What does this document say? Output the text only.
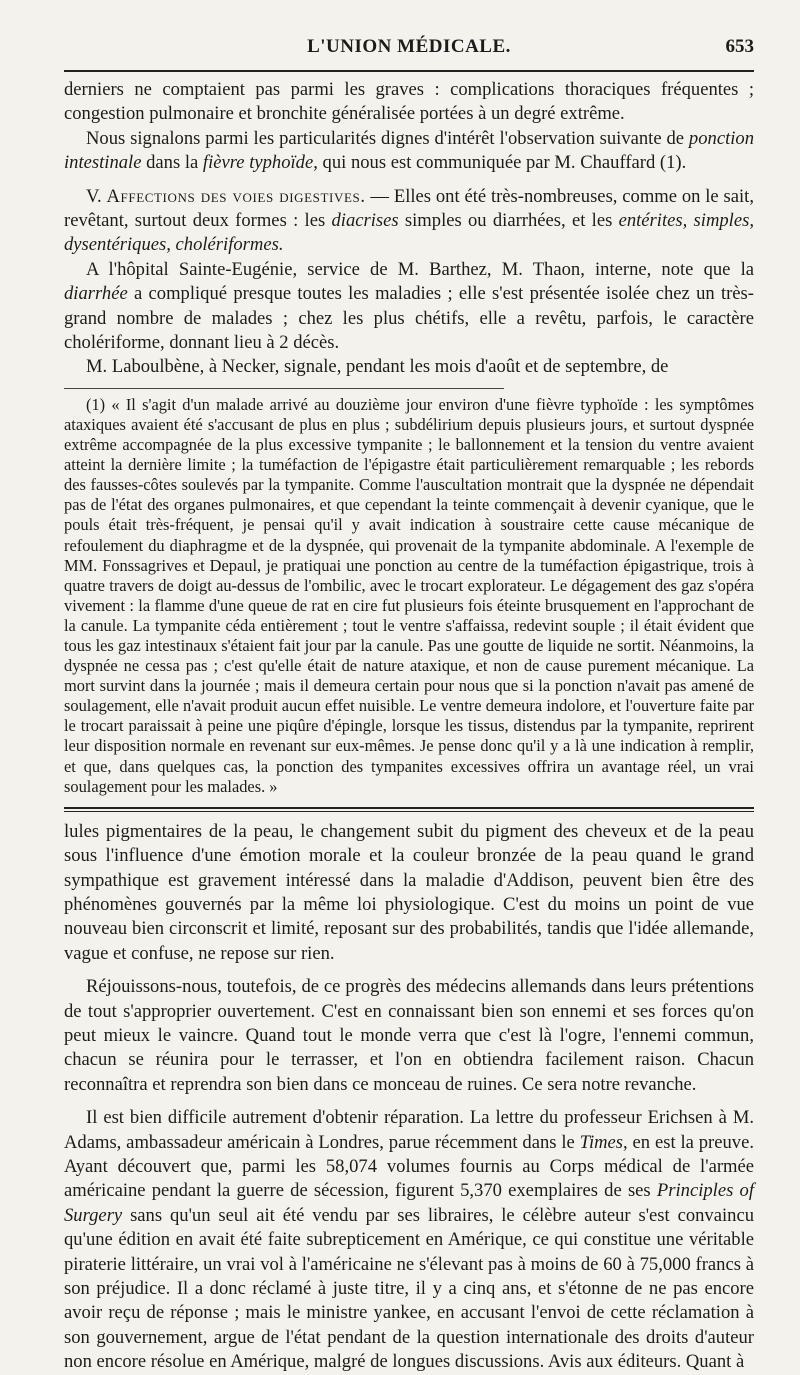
L'UNION MÉDICALE.	653

derniers ne comptaient pas parmi les graves : complications thoraciques fréquentes ; congestion pulmonaire et bronchite généralisée portées à un degré extrême.

Nous signalons parmi les particularités dignes d'intérêt l'observation suivante de ponction intestinale dans la fièvre typhoïde, qui nous est communiquée par M. Chauffard (1).

V. Affections des voies digestives. — Elles ont été très-nombreuses, comme on le sait, revêtant, surtout deux formes : les diacrises simples ou diarrhées, et les entérites, simples, dysentériques, cholériformes.

A l'hôpital Sainte-Eugénie, service de M. Barthez, M. Thaon, interne, note que la diarrhée a compliqué presque toutes les maladies ; elle s'est présentée isolée chez un très-grand nombre de malades ; chez les plus chétifs, elle a revêtu, parfois, le caractère cholériforme, donnant lieu à 2 décès.

M. Laboulbène, à Necker, signale, pendant les mois d'août et de septembre, de

(1) « Il s'agit d'un malade arrivé au douzième jour environ d'une fièvre typhoïde : les symptômes ataxiques avaient été s'accusant de plus en plus ; subdélirium depuis plusieurs jours, et surtout dyspnée extrême accompagnée de la plus excessive tympanite ; le ballonnement et la tension du ventre avaient atteint la dernière limite ; la tuméfaction de l'épigastre était particulièrement remarquable ; les rebords des fausses-côtes soulevés par la tympanite. Comme l'auscultation montrait que la dyspnée ne dépendait pas de l'état des organes pulmonaires, et que cependant la teinte commençait à devenir cyanique, que le pouls était très-fréquent, je pensai qu'il y avait indication à soustraire cette cause mécanique de refoulement du diaphragme et de la dyspnée, qui provenait de la tympanite abdominale. A l'exemple de MM. Fonssagrives et Depaul, je pratiquai une ponction au centre de la tuméfaction épigastrique, trois à quatre travers de doigt au-dessus de l'ombilic, avec le trocart explorateur. Le dégagement des gaz s'opéra vivement : la flamme d'une queue de rat en cire fut plusieurs fois éteinte brusquement en l'approchant de la canule. La tympanite céda entièrement ; tout le ventre s'affaissa, redevint souple ; il était évident que tous les gaz intestinaux s'étaient fait jour par la canule. Pas une goutte de liquide ne sortit. Néanmoins, la dyspnée ne cessa pas ; c'est qu'elle était de nature ataxique, et non de cause purement mécanique. La mort survint dans la journée ; mais il demeura certain pour nous que si la ponction n'avait pas amené de soulagement, elle n'avait produit aucun effet nuisible. Le ventre demeura indolore, et l'ouverture faite par le trocart paraissait à peine une piqûre d'épingle, lorsque les tissus, distendus par la tympanite, reprirent leur disposition normale en revenant sur eux-mêmes. Je pense donc qu'il y a là une indication à remplir, et que, dans quelques cas, la ponction des tympanites excessives offrira un avantage réel, un vrai soulagement pour les malades. »

lules pigmentaires de la peau, le changement subit du pigment des cheveux et de la peau sous l'influence d'une émotion morale et la couleur bronzée de la peau quand le grand sympathique est gravement intéressé dans la maladie d'Addison, peuvent bien être des phénomènes gouvernés par la même loi physiologique. C'est du moins un point de vue nouveau bien circonscrit et limité, reposant sur des probabilités, tandis que l'idée allemande, vague et confuse, ne repose sur rien.

Réjouissons-nous, toutefois, de ce progrès des médecins allemands dans leurs prétentions de tout s'approprier ouvertement. C'est en connaissant bien son ennemi et ses forces qu'on peut mieux le vaincre. Quand tout le monde verra que c'est là l'ogre, l'ennemi commun, chacun se réunira pour le terrasser, et l'on en obtiendra facilement raison. Chacun reconnaîtra et reprendra son bien dans ce monceau de ruines. Ce sera notre revanche.

Il est bien difficile autrement d'obtenir réparation. La lettre du professeur Erichsen à M. Adams, ambassadeur américain à Londres, parue récemment dans le Times, en est la preuve. Ayant découvert que, parmi les 58,074 volumes fournis au Corps médical de l'armée américaine pendant la guerre de sécession, figurent 5,370 exemplaires de ses Principles of Surgery sans qu'un seul ait été vendu par ses libraires, le célèbre auteur s'est convaincu qu'une édition en avait été faite subrepticement en Amérique, ce qui constitue une véritable piraterie littéraire, un vrai vol à l'américaine ne s'élevant pas à moins de 60 à 75,000 francs à son préjudice. Il a donc réclamé à juste titre, il y a cinq ans, et s'étonne de ne pas encore avoir reçu de réponse ; mais le ministre yankee, en accusant l'envoi de cette réclamation à son gouvernement, argue de l'état pendant de la question internationale des droits d'auteur non encore résolue en Amérique, malgré de longues discussions. Avis aux éditeurs. Quant à
